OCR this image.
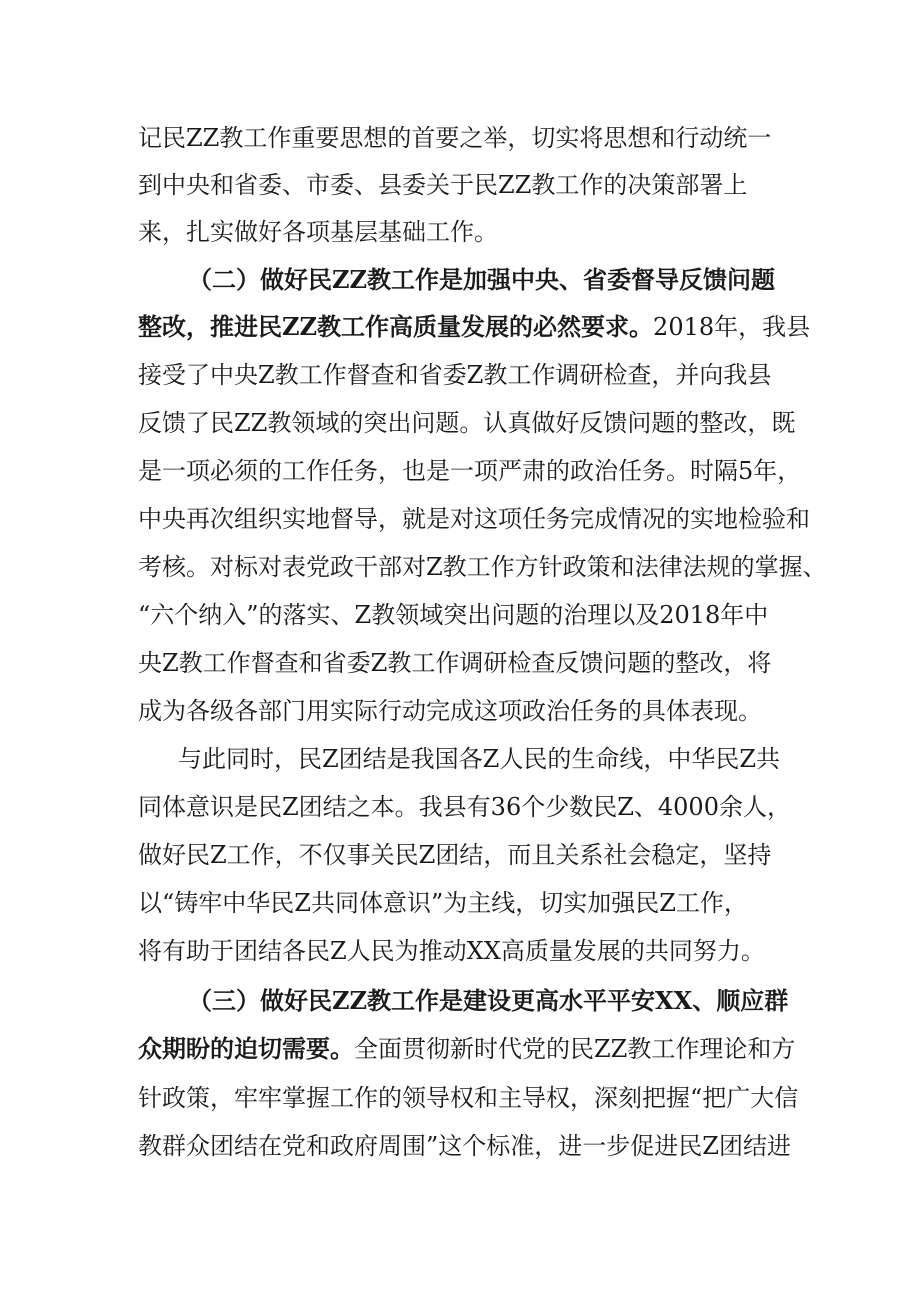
记民ZZ教工作重要思想的首要之举，切实将思想和行动统一
到中央和省委、市委、县委关于民ZZ教工作的决策部署上
来，扎实做好各项基层基础工作。
（二）做好民ZZ教工作是加强中央、省委督导反馈问题
整改，推进民ZZ教工作高质量发展的必然要求。2018年，我县
接受了中央Z教工作督查和省委Z教工作调研检查，并向我县
反馈了民ZZ教领域的突出问题。认真做好反馈问题的整改，既
是一项必须的工作任务，也是一项严肃的政治任务。时隔5年，
中央再次组织实地督导，就是对这项任务完成情况的实地检验和
考核。对标对表党政干部对Z教工作方针政策和法律法规的掌握、
“六个纳入”的落实、Z教领域突出问题的治理以及2018年中
央Z教工作督查和省委Z教工作调研检查反馈问题的整改，将
成为各级各部门用实际行动完成这项政治任务的具体表现。
与此同时，民Z团结是我国各Z人民的生命线，中华民Z共
同体意识是民Z团结之本。我县有36个少数民Z、4000余人，
做好民Z工作，不仅事关民Z团结，而且关系社会稳定，坚持
以“铸牢中华民Z共同体意识”为主线，切实加强民Z工作，
将有助于团结各民Z人民为推动XX高质量发展的共同努力。
（三）做好民ZZ教工作是建设更高水平平安XX、顺应群
众期盼的迫切需要。全面贯彻新时代党的民ZZ教工作理论和方
针政策，牢牢掌握工作的领导权和主导权，深刻把握“把广大信
教群众团结在党和政府周围”这个标准，进一步促进民Z团结进
